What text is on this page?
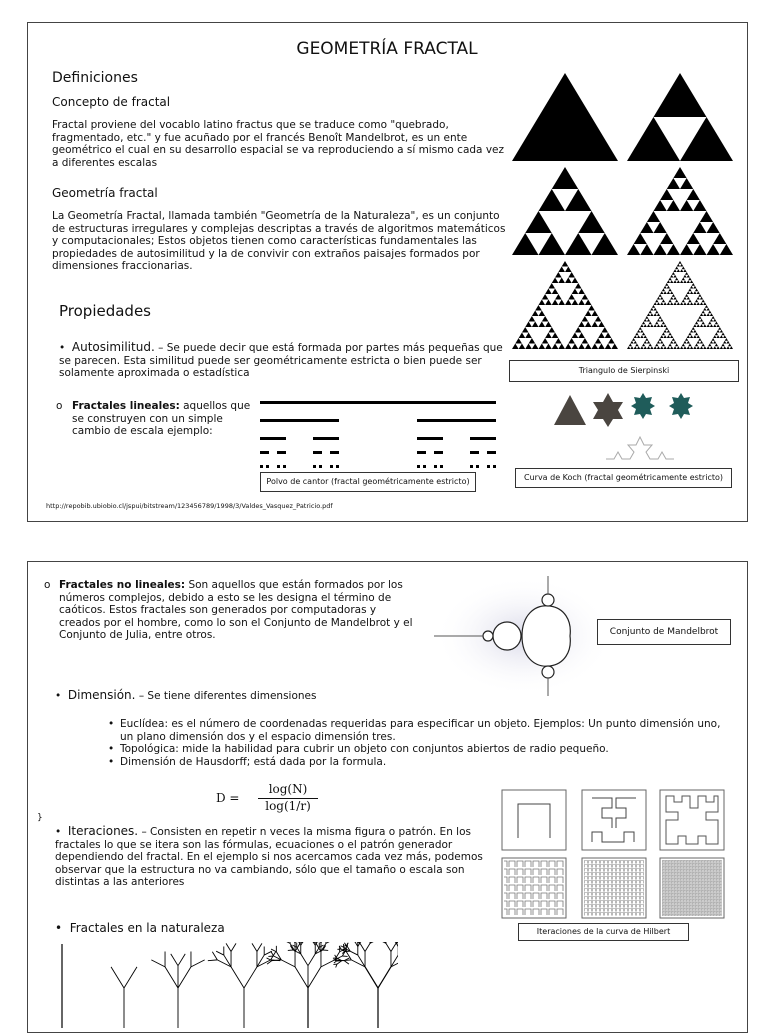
GEOMETRÍA FRACTAL
Definiciones
Concepto de fractal
Fractal proviene del vocablo latino fractus que se traduce como "quebrado, fragmentado, etc." y fue acuñado por el francés Benoît Mandelbrot, es un ente geométrico el cual en su desarrollo espacial se va reproduciendo a sí mismo cada vez a diferentes escalas
Geometría fractal
La Geometría Fractal, llamada también "Geometría de la Naturaleza", es un conjunto de estructuras irregulares y complejas descriptas a través de algoritmos matemáticos y computacionales; Estos objetos tienen como características fundamentales las propiedades de autosimilitud y la de convivir con extraños paisajes formados por dimensiones fraccionarias.
Propiedades
•  Autosimilitud. – Se puede decir que está formada por partes más pequeñas que se parecen. Esta similitud puede ser geométricamente estricta o bien puede ser solamente aproximada o estadística
o Fractales lineales: aquellos que se construyen con un simple cambio de escala ejemplo:
Polvo de cantor (fractal geométricamente estricto)
Triangulo de Sierpinski
Curva de Koch (fractal geométricamente estricto)
http://repobib.ubiobio.cl/jspui/bitstream/123456789/1998/3/Valdes_Vasquez_Patricio.pdf
o Fractales no lineales: Son aquellos que están formados por los números complejos, debido a esto se les designa el término de caóticos. Estos fractales son generados por computadoras y creados por el hombre, como lo son el Conjunto de Mandelbrot y el Conjunto de Julia, entre otros.	Conjunto de Mandelbrot
•  Dimensión. – Se tiene diferentes dimensiones
• Euclídea: es el número de coordenadas requeridas para especificar un objeto. Ejemplos: Un punto dimensión uno, un plano dimensión dos y el espacio dimensión tres.
• Topológica: mide la habilidad para cubrir un objeto con conjuntos abiertos de radio pequeño.
• Dimensión de Hausdorff; está dada por la formula.
D =
log(N)
log(1/r)
}
•  Iteraciones. – Consisten en repetir n veces la misma figura o patrón. En los fractales lo que se itera son las fórmulas, ecuaciones o el patrón generador dependiendo del fractal. En el ejemplo si nos acercamos cada vez más, podemos observar que la estructura no va cambiando, sólo que el tamaño o escala son distintas a las anteriores
Iteraciones de la curva de Hilbert
•  Fractales en la naturaleza
